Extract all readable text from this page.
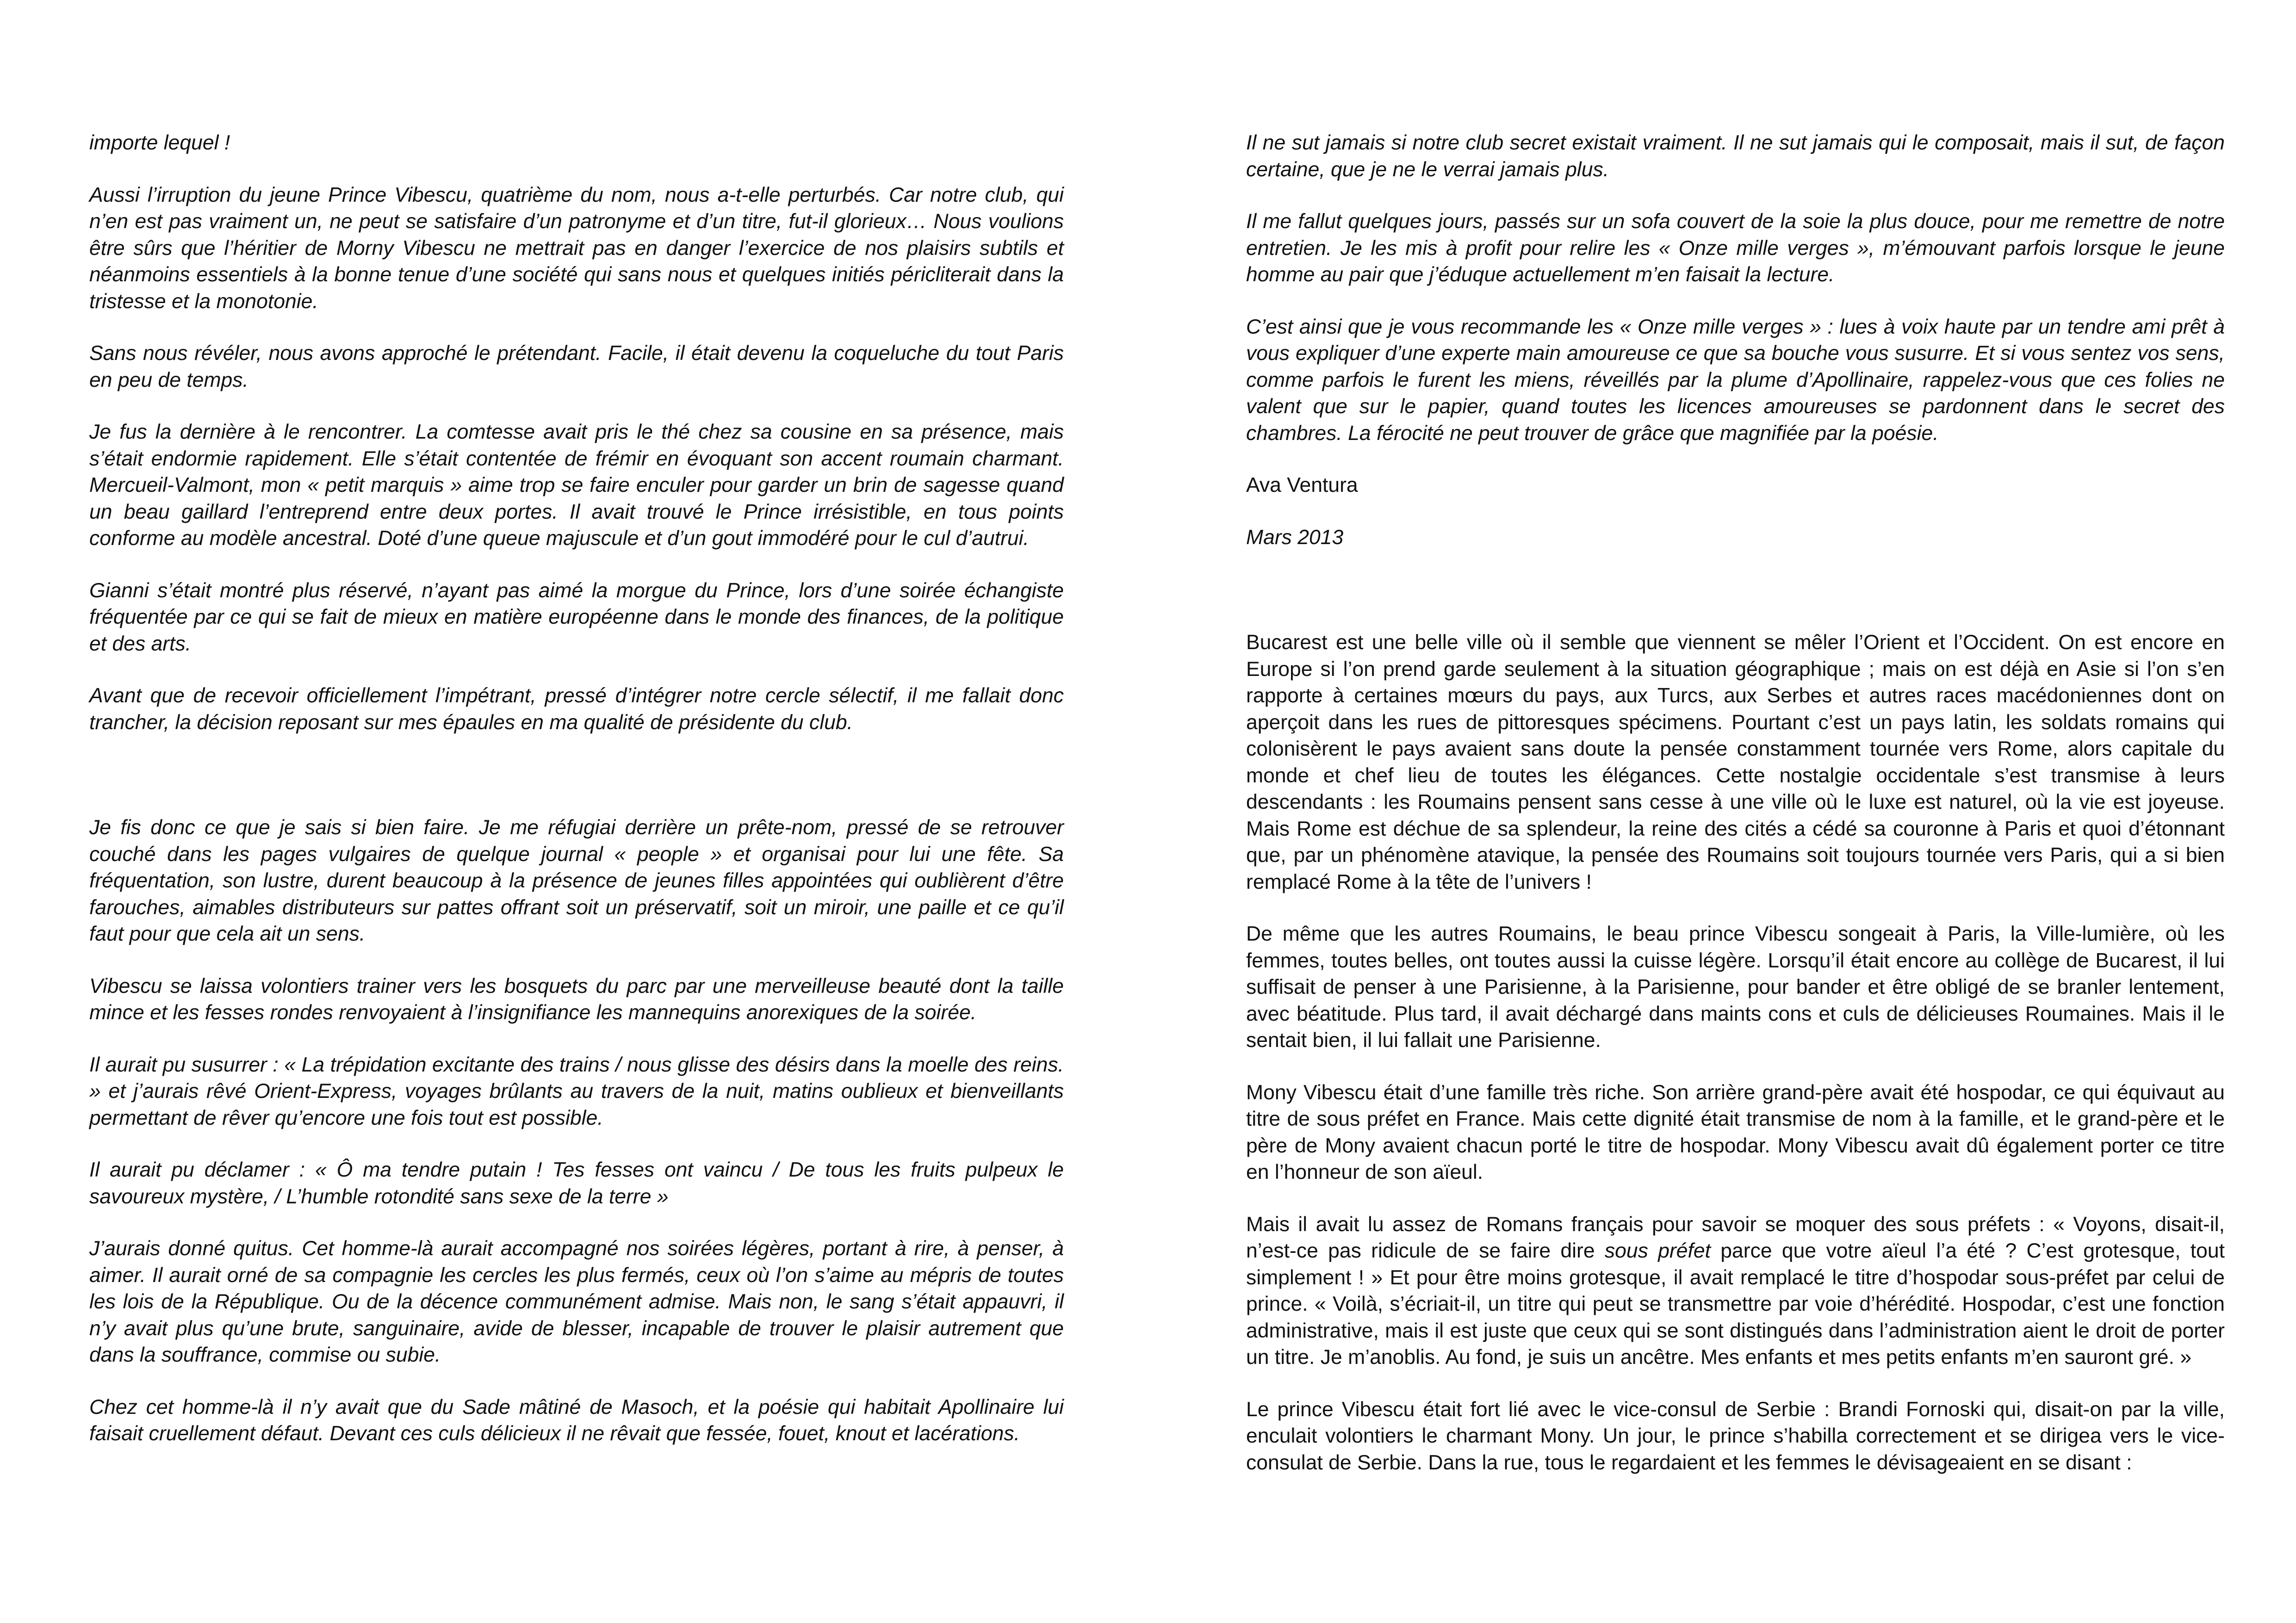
importe lequel !

Aussi l’irruption du jeune Prince Vibescu, quatrième du nom, nous a-t-elle perturbés. Car notre club, qui n’en est pas vraiment un, ne peut se satisfaire d’un patronyme et d’un titre, fut-il glorieux… Nous voulions être sûrs que l’héritier de Morny Vibescu ne mettrait pas en danger l’exercice de nos plaisirs subtils et néanmoins essentiels à la bonne tenue d’une société qui sans nous et quelques initiés péricliterait dans la tristesse et la monotonie.

Sans nous révéler, nous avons approché le prétendant. Facile, il était devenu la coqueluche du tout Paris en peu de temps.

Je fus la dernière à le rencontrer. La comtesse avait pris le thé chez sa cousine en sa présence, mais s’était endormie rapidement. Elle s’était contentée de frémir en évoquant son accent roumain charmant. Mercueil-Valmont, mon « petit marquis » aime trop se faire enculer pour garder un brin de sagesse quand un beau gaillard l’entreprend entre deux portes. Il avait trouvé le Prince irrésistible, en tous points conforme au modèle ancestral. Doté d’une queue majuscule et d’un gout immodéré pour le cul d’autrui.

Gianni s’était montré plus réservé, n’ayant pas aimé la morgue du Prince, lors d’une soirée échangiste fréquentée par ce qui se fait de mieux en matière européenne dans le monde des finances, de la politique et des arts.

Avant que de recevoir officiellement l’impétrant, pressé d’intégrer notre cercle sélectif, il me fallait donc trancher, la décision reposant sur mes épaules en ma qualité de présidente du club.

Je fis donc ce que je sais si bien faire. Je me réfugiai derrière un prête-nom, pressé de se retrouver couché dans les pages vulgaires de quelque journal « people » et organisai pour lui une fête. Sa fréquentation, son lustre, durent beaucoup à la présence de jeunes filles appointées qui oublièrent d’être farouches, aimables distributeurs sur pattes offrant soit un préservatif, soit un miroir, une paille et ce qu’il faut pour que cela ait un sens.

Vibescu se laissa volontiers trainer vers les bosquets du parc par une merveilleuse beauté dont la taille mince et les fesses rondes renvoyaient à l’insignifiance les mannequins anorexiques de la soirée.

Il aurait pu susurrer : « La trépidation excitante des trains / nous glisse des désirs dans la moelle des reins. » et j’aurais rêvé Orient-Express, voyages brûlants au travers de la nuit, matins oublieux et bienveillants permettant de rêver qu’encore une fois tout est possible.

Il aurait pu déclamer : « Ô ma tendre putain ! Tes fesses ont vaincu / De tous les fruits pulpeux le savoureux mystère, / L’humble rotondité sans sexe de la terre »

J’aurais donné quitus. Cet homme-là aurait accompagné nos soirées légères, portant à rire, à penser, à aimer. Il aurait orné de sa compagnie les cercles les plus fermés, ceux où l’on s’aime au mépris de toutes les lois de la République. Ou de la décence communément admise. Mais non, le sang s’était appauvri, il n’y avait plus qu’une brute, sanguinaire, avide de blesser, incapable de trouver le plaisir autrement que dans la souffrance, commise ou subie.

Chez cet homme-là il n’y avait que du Sade mâtiné de Masoch, et la poésie qui habitait Apollinaire lui faisait cruellement défaut. Devant ces culs délicieux il ne rêvait que fessée, fouet, knout et lacérations.

Il ne sut jamais si notre club secret existait vraiment. Il ne sut jamais qui le composait, mais il sut, de façon certaine, que je ne le verrai jamais plus.

Il me fallut quelques jours, passés sur un sofa couvert de la soie la plus douce, pour me remettre de notre entretien. Je les mis à profit pour relire les « Onze mille verges », m’émouvant parfois lorsque le jeune homme au pair que j’éduque actuellement m’en faisait la lecture.

C’est ainsi que je vous recommande les « Onze mille verges » : lues à voix haute par un tendre ami prêt à vous expliquer d’une experte main amoureuse ce que sa bouche vous susurre. Et si vous sentez vos sens, comme parfois le furent les miens, réveillés par la plume d’Apollinaire, rappelez-vous que ces folies ne valent que sur le papier, quand toutes les licences amoureuses se pardonnent dans le secret des chambres. La férocité ne peut trouver de grâce que magnifiée par la poésie.

Ava Ventura

Mars 2013

Bucarest est une belle ville où il semble que viennent se mêler l’Orient et l’Occident. On est encore en Europe si l’on prend garde seulement à la situation géographique ; mais on est déjà en Asie si l’on s’en rapporte à certaines mœurs du pays, aux Turcs, aux Serbes et autres races macédoniennes dont on aperçoit dans les rues de pittoresques spécimens. Pourtant c’est un pays latin, les soldats romains qui colonisèrent le pays avaient sans doute la pensée constamment tournée vers Rome, alors capitale du monde et chef lieu de toutes les élégances. Cette nostalgie occidentale s’est transmise à leurs descendants : les Roumains pensent sans cesse à une ville où le luxe est naturel, où la vie est joyeuse. Mais Rome est déchue de sa splendeur, la reine des cités a cédé sa couronne à Paris et quoi d’étonnant que, par un phénomène atavique, la pensée des Roumains soit toujours tournée vers Paris, qui a si bien remplacé Rome à la tête de l’univers !

De même que les autres Roumains, le beau prince Vibescu songeait à Paris, la Ville-lumière, où les femmes, toutes belles, ont toutes aussi la cuisse légère. Lorsqu’il était encore au collège de Bucarest, il lui suffisait de penser à une Parisienne, à la Parisienne, pour bander et être obligé de se branler lentement, avec béatitude. Plus tard, il avait déchargé dans maints cons et culs de délicieuses Roumaines. Mais il le sentait bien, il lui fallait une Parisienne.

Mony Vibescu était d’une famille très riche. Son arrière grand-père avait été hospodar, ce qui équivaut au titre de sous préfet en France. Mais cette dignité était transmise de nom à la famille, et le grand-père et le père de Mony avaient chacun porté le titre de hospodar. Mony Vibescu avait dû également porter ce titre en l’honneur de son aïeul.

Mais il avait lu assez de Romans français pour savoir se moquer des sous préfets : « Voyons, disait-il, n’est-ce pas ridicule de se faire dire sous préfet parce que votre aïeul l’a été ? C’est grotesque, tout simplement ! » Et pour être moins grotesque, il avait remplacé le titre d’hospodar sous-préfet par celui de prince. « Voilà, s’écriait-il, un titre qui peut se transmettre par voie d’hérédité. Hospodar, c’est une fonction administrative, mais il est juste que ceux qui se sont distingués dans l’administration aient le droit de porter un titre. Je m’anoblis. Au fond, je suis un ancêtre. Mes enfants et mes petits enfants m’en sauront gré. »

Le prince Vibescu était fort lié avec le vice-consul de Serbie : Brandi Fornoski qui, disait-on par la ville, enculait volontiers le charmant Mony. Un jour, le prince s’habilla correctement et se dirigea vers le vice-consulat de Serbie. Dans la rue, tous le regardaient et les femmes le dévisageaient en se disant :
